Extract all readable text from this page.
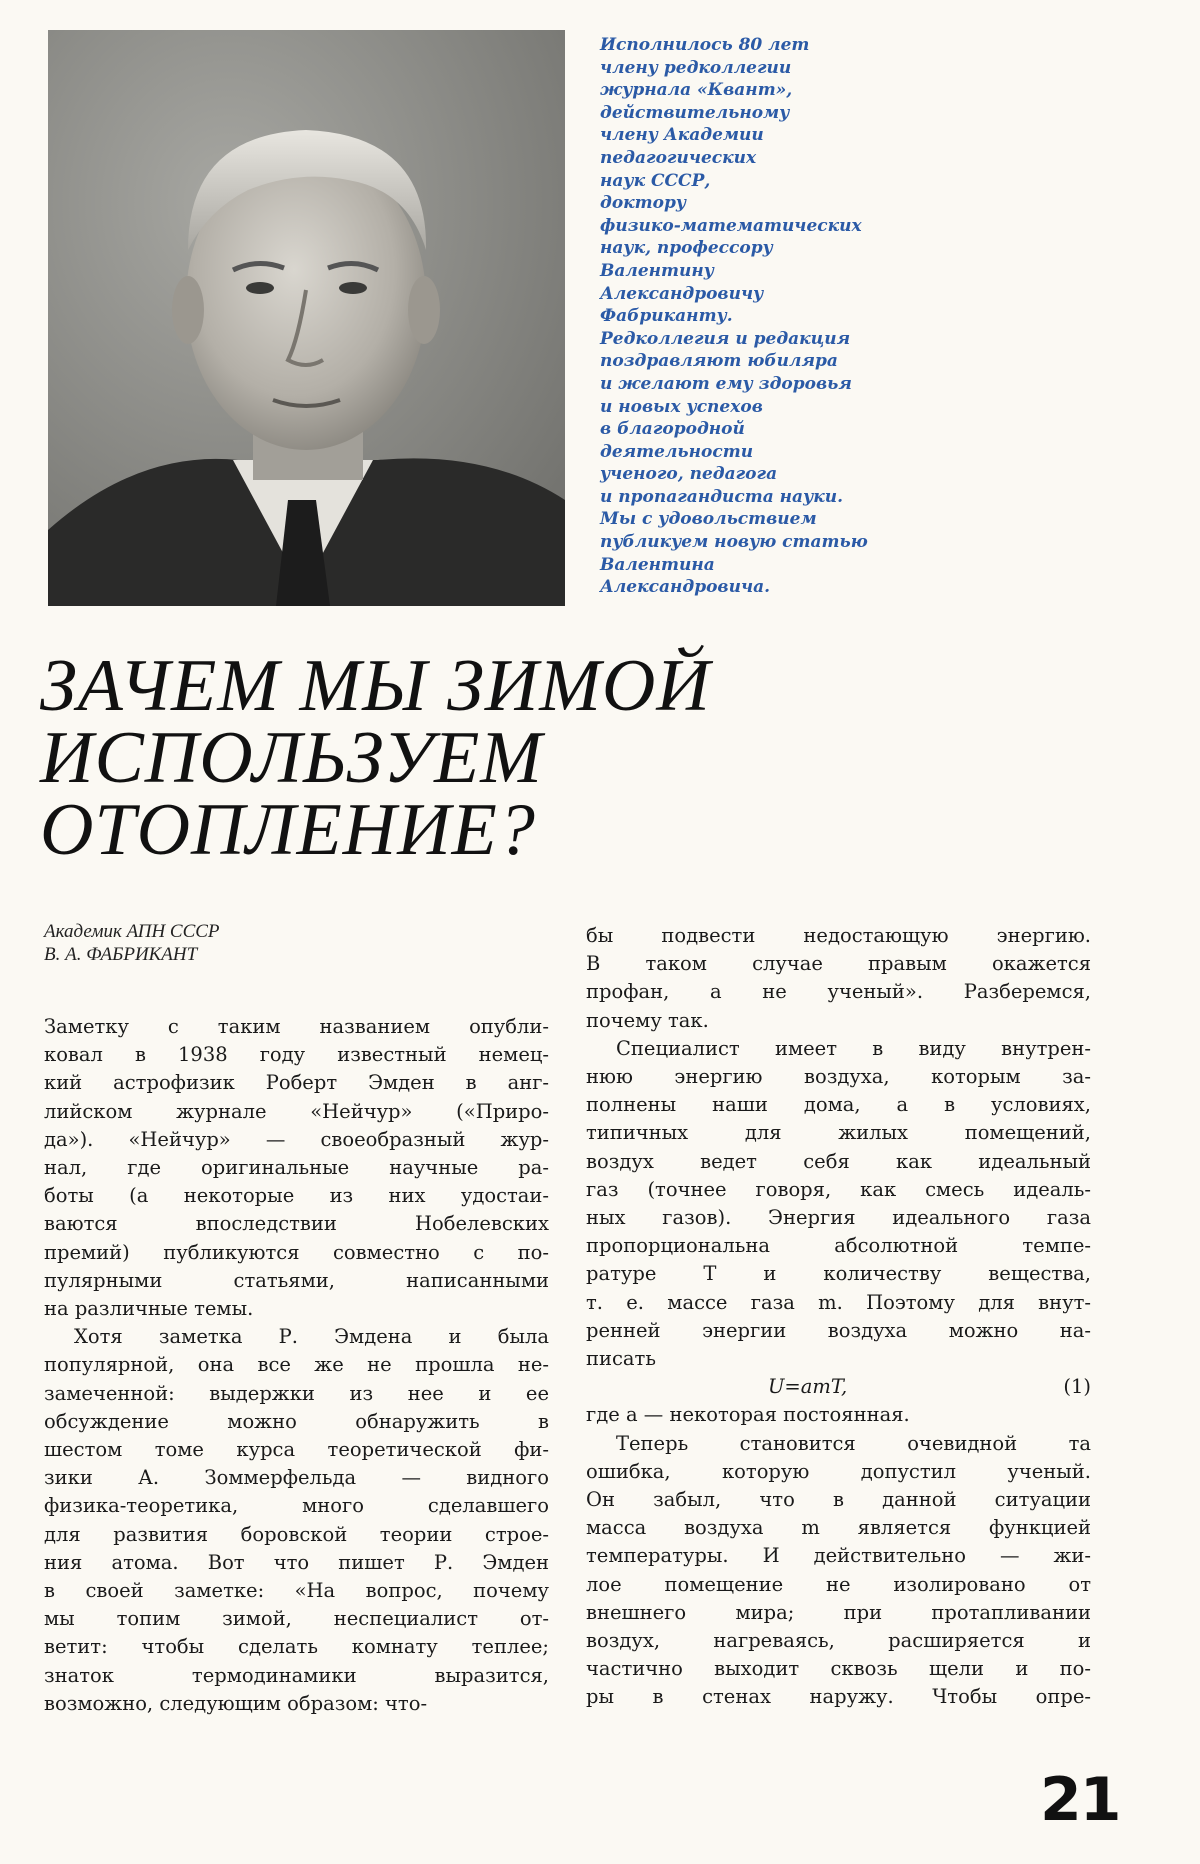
Исполнилось 80 лет
члену редколлегии
журнала «Квант»,
действительному
члену Академии
педагогических
наук СССР,
доктору
физико-математических
наук, профессору
Валентину
Александровичу
Фабриканту.
Редколлегия и редакция
поздравляют юбиляра
и желают ему здоровья
и новых успехов
в благородной
деятельности
ученого, педагога
и пропагандиста науки.
Мы с удовольствием
публикуем новую статью
Валентина
Александровича.
ЗАЧЕМ МЫ ЗИМОЙ
ИСПОЛЬЗУЕМ
ОТОПЛЕНИЕ?
Академик АПН СССР
В. А. ФАБРИКАНТ
Заметку с таким названием опубли-
ковал в 1938 году известный немец-
кий астрофизик Роберт Эмден в анг-
лийском журнале «Нейчур» («Приро-
да»). «Нейчур» — своеобразный жур-
нал, где оригинальные научные ра-
боты (а некоторые из них удостаи-
ваются впоследствии Нобелевских
премий) публикуются совместно с по-
пулярными статьями, написанными
на различные темы.
Хотя заметка Р. Эмдена и была
популярной, она все же не прошла не-
замеченной: выдержки из нее и ее
обсуждение можно обнаружить в
шестом томе курса теоретической фи-
зики А. Зоммерфельда — видного
физика-теоретика, много сделавшего
для развития боровской теории строе-
ния атома. Вот что пишет Р. Эмден
в своей заметке: «На вопрос, почему
мы топим зимой, неспециалист от-
ветит: чтобы сделать комнату теплее;
знаток термодинамики выразится,
возможно, следующим образом: что-
бы подвести недостающую энергию.
В таком случае правым окажется
профан, а не ученый». Разберемся,
почему так.
Специалист имеет в виду внутрен-
нюю энергию воздуха, которым за-
полнены наши дома, а в условиях,
типичных для жилых помещений,
воздух ведет себя как идеальный
газ (точнее говоря, как смесь идеаль-
ных газов). Энергия идеального газа
пропорциональна абсолютной темпе-
ратуре T и количеству вещества,
т. е. массе газа m. Поэтому для внут-
ренней энергии воздуха можно на-
писать
U=amT,	(1)
где a — некоторая постоянная.
Теперь становится очевидной та
ошибка, которую допустил ученый.
Он забыл, что в данной ситуации
масса воздуха m является функцией
температуры. И действительно — жи-
лое помещение не изолировано от
внешнего мира; при протапливании
воздух, нагреваясь, расширяется и
частично выходит сквозь щели и по-
ры в стенах наружу. Чтобы опре-
21
